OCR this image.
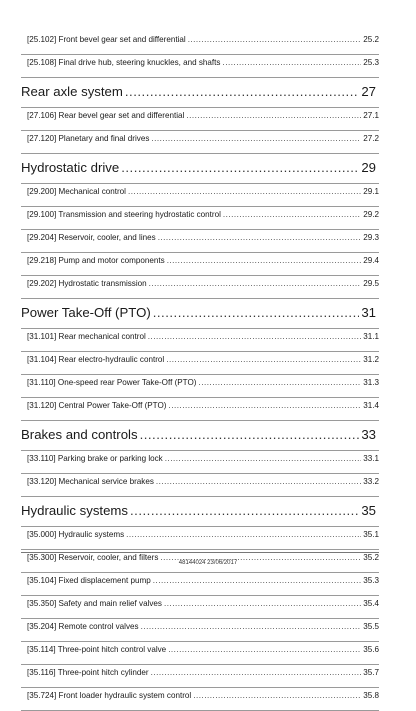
[25.102] Front bevel gear set and differential .....	25.2
[25.108] Final drive hub, steering knuckles, and shafts .....	25.3
Rear axle system .....	27
[27.106] Rear bevel gear set and differential .....	27.1
[27.120] Planetary and final drives .....	27.2
Hydrostatic drive .....	29
[29.200] Mechanical control .....	29.1
[29.100] Transmission and steering hydrostatic control .....	29.2
[29.204] Reservoir, cooler, and lines .....	29.3
[29.218] Pump and motor components .....	29.4
[29.202] Hydrostatic transmission .....	29.5
Power Take-Off (PTO) .....	31
[31.101] Rear mechanical control .....	31.1
[31.104] Rear electro-hydraulic control .....	31.2
[31.110] One-speed rear Power Take-Off (PTO) .....	31.3
[31.120] Central Power Take-Off (PTO) .....	31.4
Brakes and controls .....	33
[33.110] Parking brake or parking lock .....	33.1
[33.120] Mechanical service brakes .....	33.2
Hydraulic systems .....	35
[35.000] Hydraulic systems .....	35.1
[35.300] Reservoir, cooler, and filters .....	35.2
[35.104] Fixed displacement pump .....	35.3
[35.350] Safety and main relief valves .....	35.4
[35.204] Remote control valves .....	35.5
[35.114] Three-point hitch control valve .....	35.6
[35.116] Three-point hitch cylinder .....	35.7
[35.724] Front loader hydraulic system control .....	35.8
48144024 23/06/2017
